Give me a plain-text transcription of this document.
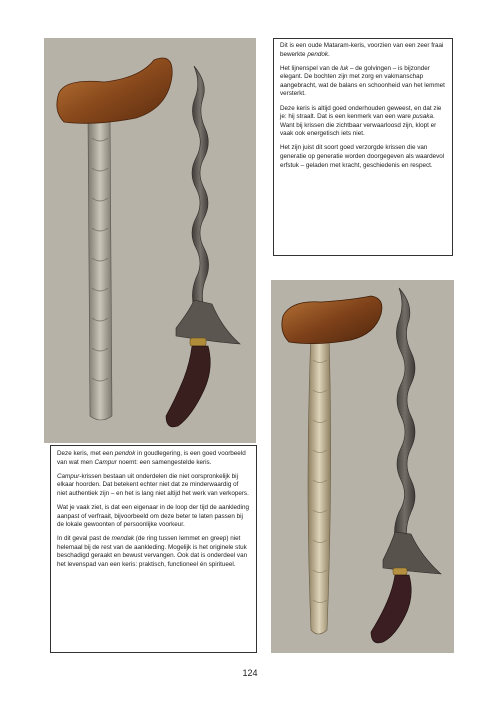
Dit is een oude Mataram-keris, voorzien van een zeer fraai bewerkte pendok.

Het lijnenspel van de luk – de golvingen – is bijzonder elegant. De bochten zijn met zorg en vakmanschap aangebracht, wat de balans en schoonheid van het lemmet versterkt.

Deze keris is altijd goed onderhouden geweest, en dat zie je: hij straalt. Dat is een kenmerk van een ware pusaka. Want bij krissen die zichtbaar verwaarloosd zijn, klopt er vaak ook energetisch iets niet.

Het zijn juist dit soort goed verzorgde krissen die van generatie op generatie worden doorgegeven als waardevol erfstuk – geladen met kracht, geschiedenis en respect.

Deze keris, met een pendok in goudlegering, is een goed voorbeeld van wat men Campur noemt: een samengestelde keris.

Campur-krissen bestaan uit onderdelen die niet oorspronkelijk bij elkaar hoorden. Dat betekent echter niet dat ze minderwaardig of niet authentiek zijn – en het is lang niet altijd het werk van verkopers.

Wat je vaak ziet, is dat een eigenaar in de loop der tijd de aankleding aanpast of verfraait, bijvoorbeeld om deze beter te laten passen bij de lokale gewoonten of persoonlijke voorkeur.

In dit geval past de mendak (de ring tussen lemmet en greep) niet helemaal bij de rest van de aankleding. Mogelijk is het originele stuk beschadigd geraakt en bewust vervangen. Ook dat is onderdeel van het levenspad van een keris: praktisch, functioneel én spiritueel.

124
